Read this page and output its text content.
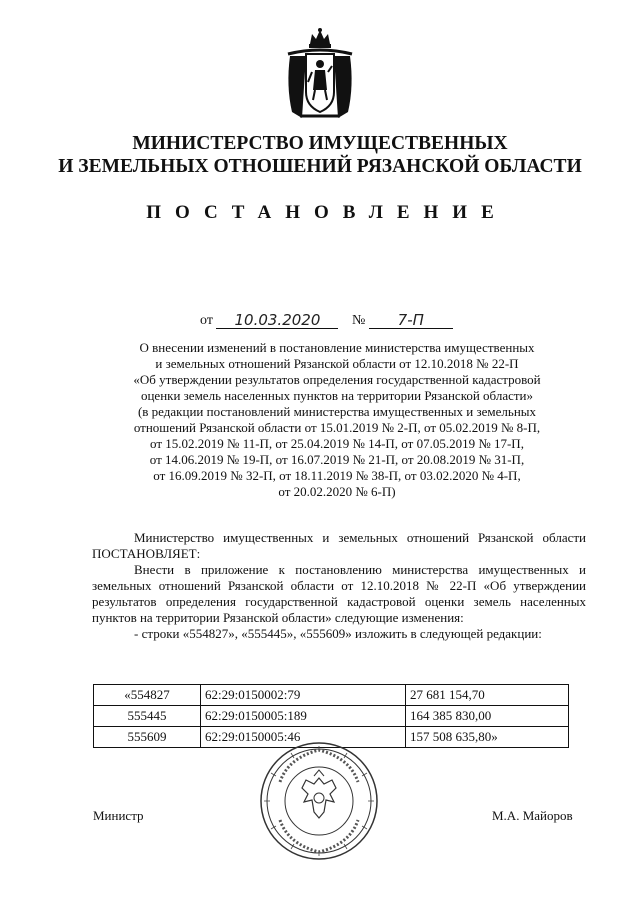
МИНИСТЕРСТВО ИМУЩЕСТВЕННЫХ
И ЗЕМЕЛЬНЫХ ОТНОШЕНИЙ РЯЗАНСКОЙ ОБЛАСТИ
ПОСТАНОВЛЕНИЕ
от 10.03.2020 № 7-П
О внесении изменений в постановление министерства имущественных
и земельных отношений Рязанской области от 12.10.2018 № 22-П
«Об утверждении результатов определения государственной кадастровой
оценки земель населенных пунктов на территории Рязанской области»
(в редакции постановлений министерства имущественных и земельных
отношений Рязанской области от 15.01.2019 № 2-П, от 05.02.2019 № 8-П,
от 15.02.2019 № 11-П, от 25.04.2019 № 14-П, от 07.05.2019 № 17-П,
от 14.06.2019 № 19-П, от 16.07.2019 № 21-П, от 20.08.2019 № 31-П,
от 16.09.2019 № 32-П, от 18.11.2019 № 38-П, от 03.02.2020 № 4-П,
от 20.02.2020 № 6-П)

Министерство имущественных и земельных отношений Рязанской области ПОСТАНОВЛЯЕТ:

Внести в приложение к постановлению министерства имущественных и земельных отношений Рязанской области от 12.10.2018 № 22-П «Об утверждении результатов определения государственной кадастровой оценки земель населенных пунктов на территории Рязанской области» следующие изменения:

- строки «554827», «555445», «555609» изложить в следующей редакции:

«554827	62:29:0150002:79	27 681 154,70
555445	62:29:0150005:189	164 385 830,00
555609	62:29:0150005:46	157 508 635,80»
Министр	М.А. Майоров
